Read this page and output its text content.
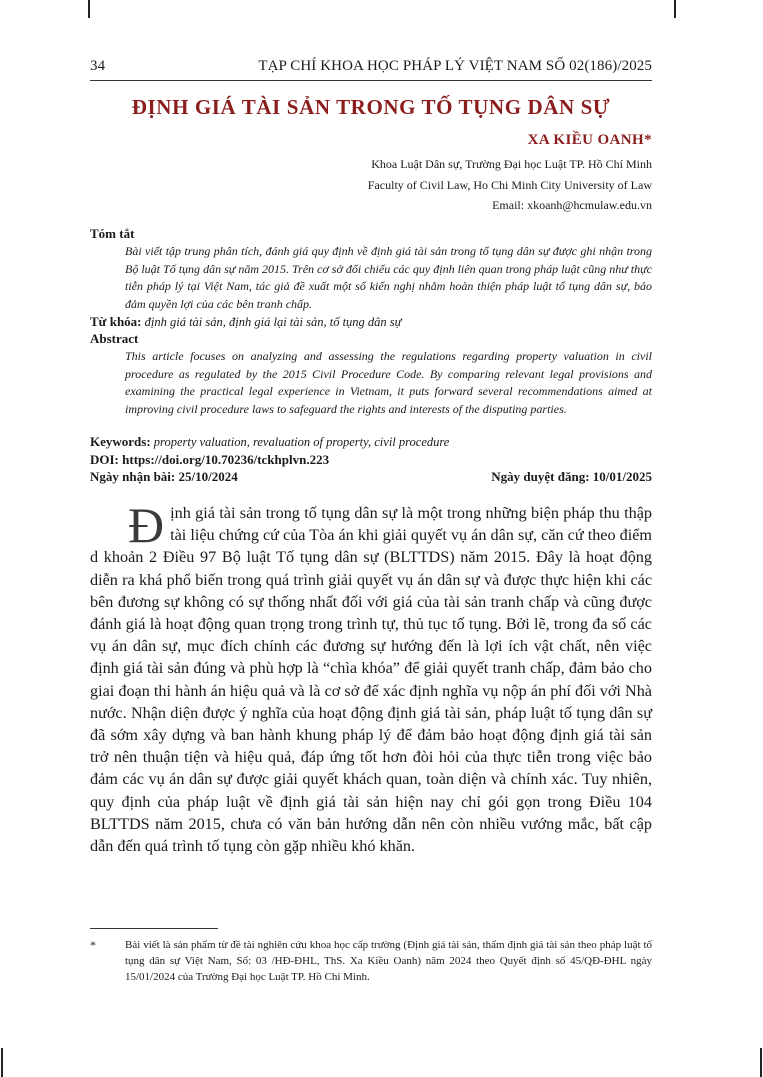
34	TẠP CHÍ KHOA HỌC PHÁP LÝ VIỆT NAM SỐ 02(186)/2025
ĐỊNH GIÁ TÀI SẢN TRONG TỐ TỤNG DÂN SỰ
XA KIỀU OANH*
Khoa Luật Dân sự, Trường Đại học Luật TP. Hồ Chí Minh
Faculty of Civil Law, Ho Chi Minh City University of Law
Email: xkoanh@hcmulaw.edu.vn
Tóm tắt

Bài viết tập trung phân tích, đánh giá quy định về định giá tài sản trong tố tụng dân sự được ghi nhận trong Bộ luật Tố tụng dân sự năm 2015. Trên cơ sở đối chiếu các quy định liên quan trong pháp luật cũng như thực tiễn pháp lý tại Việt Nam, tác giả đề xuất một số kiến nghị nhằm hoàn thiện pháp luật tố tụng dân sự, bảo đảm quyền lợi của các bên tranh chấp.

Từ khóa: định giá tài sản, định giá lại tài sản, tố tụng dân sự
Abstract

This article focuses on analyzing and assessing the regulations regarding property valuation in civil procedure as regulated by the 2015 Civil Procedure Code. By comparing relevant legal provisions and examining the practical legal experience in Vietnam, it puts forward several recommendations aimed at improving civil procedure laws to safeguard the rights and interests of the disputing parties.

Keywords: property valuation, revaluation of property, civil procedure
DOI: https://doi.org/10.70236/tckhplvn.223
Ngày nhận bài: 25/10/2024	Ngày duyệt đăng: 10/01/2025

Định giá tài sản trong tố tụng dân sự là một trong những biện pháp thu thập tài liệu chứng cứ của Tòa án khi giải quyết vụ án dân sự, căn cứ theo điểm d khoản 2 Điều 97 Bộ luật Tố tụng dân sự (BLTTDS) năm 2015. Đây là hoạt động diễn ra khá phổ biến trong quá trình giải quyết vụ án dân sự và được thực hiện khi các bên đương sự không có sự thống nhất đối với giá của tài sản tranh chấp và cũng được đánh giá là hoạt động quan trọng trong trình tự, thủ tục tố tụng. Bởi lẽ, trong đa số các vụ án dân sự, mục đích chính các đương sự hướng đến là lợi ích vật chất, nên việc định giá tài sản đúng và phù hợp là “chìa khóa” để giải quyết tranh chấp, đảm bảo cho giai đoạn thi hành án hiệu quả và là cơ sở để xác định nghĩa vụ nộp án phí đối với Nhà nước. Nhận diện được ý nghĩa của hoạt động định giá tài sản, pháp luật tố tụng dân sự đã sớm xây dựng và ban hành khung pháp lý để đảm bảo hoạt động định giá tài sản trở nên thuận tiện và hiệu quả, đáp ứng tốt hơn đòi hỏi của thực tiễn trong việc bảo đảm các vụ án dân sự được giải quyết khách quan, toàn diện và chính xác. Tuy nhiên, quy định của pháp luật về định giá tài sản hiện nay chỉ gói gọn trong Điều 104 BLTTDS năm 2015, chưa có văn bản hướng dẫn nên còn nhiều vướng mắc, bất cập dẫn đến quá trình tố tụng còn gặp nhiều khó khăn.

*	Bài viết là sản phẩm từ đề tài nghiên cứu khoa học cấp trường (Định giá tài sản, thẩm định giá tài sản theo pháp luật tố tụng dân sự Việt Nam, Số: 03 /HĐ-ĐHL, ThS. Xa Kiều Oanh) năm 2024 theo Quyết định số 45/QĐ-ĐHL ngày 15/01/2024 của Trường Đại học Luật TP. Hồ Chí Minh.
